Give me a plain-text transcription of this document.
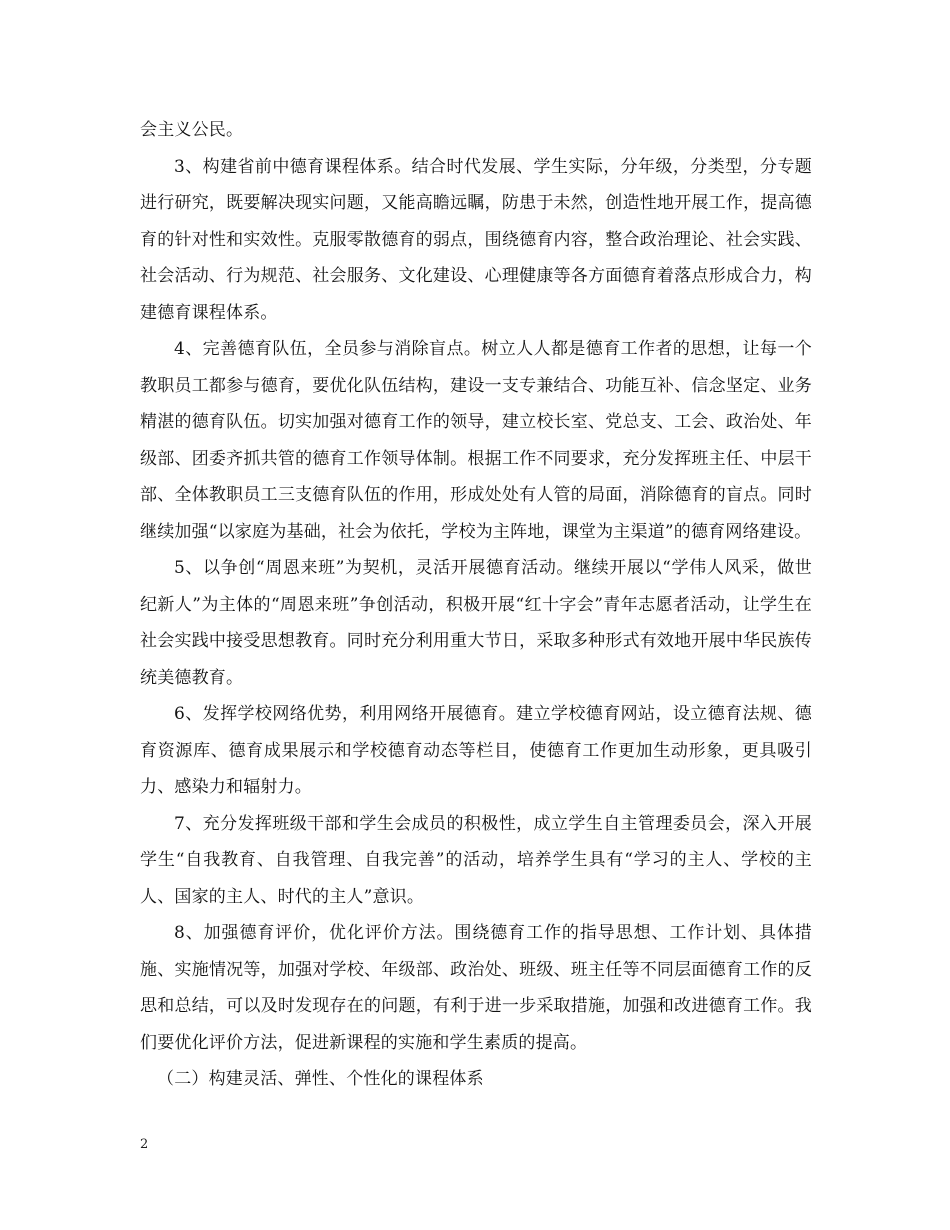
会主义公民。

3、构建省前中德育课程体系。结合时代发展、学生实际，分年级，分类型，分专题进行研究，既要解决现实问题，又能高瞻远瞩，防患于未然，创造性地开展工作，提高德育的针对性和实效性。克服零散德育的弱点，围绕德育内容，整合政治理论、社会实践、社会活动、行为规范、社会服务、文化建设、心理健康等各方面德育着落点形成合力，构建德育课程体系。

4、完善德育队伍，全员参与消除盲点。树立人人都是德育工作者的思想，让每一个教职员工都参与德育，要优化队伍结构，建设一支专兼结合、功能互补、信念坚定、业务精湛的德育队伍。切实加强对德育工作的领导，建立校长室、党总支、工会、政治处、年级部、团委齐抓共管的德育工作领导体制。根据工作不同要求，充分发挥班主任、中层干部、全体教职员工三支德育队伍的作用，形成处处有人管的局面，消除德育的盲点。同时继续加强“以家庭为基础，社会为依托，学校为主阵地，课堂为主渠道”的德育网络建设。

5、以争创“周恩来班”为契机，灵活开展德育活动。继续开展以“学伟人风采，做世纪新人”为主体的“周恩来班”争创活动，积极开展“红十字会”青年志愿者活动，让学生在社会实践中接受思想教育。同时充分利用重大节日，采取多种形式有效地开展中华民族传统美德教育。

6、发挥学校网络优势，利用网络开展德育。建立学校德育网站，设立德育法规、德育资源库、德育成果展示和学校德育动态等栏目，使德育工作更加生动形象，更具吸引力、感染力和辐射力。

7、充分发挥班级干部和学生会成员的积极性，成立学生自主管理委员会，深入开展学生“自我教育、自我管理、自我完善”的活动，培养学生具有“学习的主人、学校的主人、国家的主人、时代的主人”意识。

8、加强德育评价，优化评价方法。围绕德育工作的指导思想、工作计划、具体措施、实施情况等，加强对学校、年级部、政治处、班级、班主任等不同层面德育工作的反思和总结，可以及时发现存在的问题，有利于进一步采取措施，加强和改进德育工作。我们要优化评价方法，促进新课程的实施和学生素质的提高。

（二）构建灵活、弹性、个性化的课程体系

2
